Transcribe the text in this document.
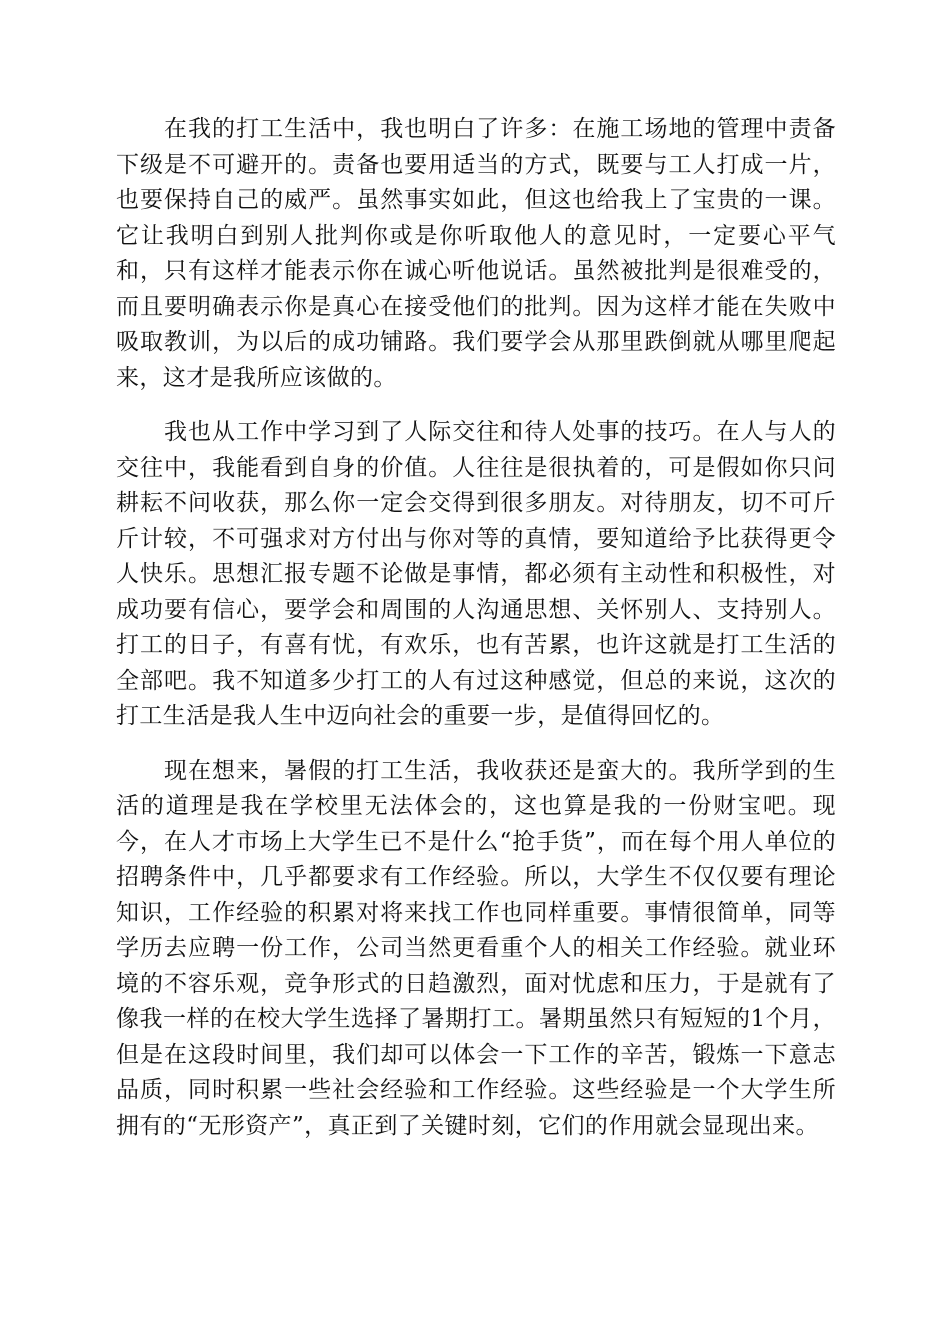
在我的打工生活中，我也明白了许多：在施工场地的管理中责备下级是不可避开的。责备也要用适当的方式，既要与工人打成一片，也要保持自己的威严。虽然事实如此，但这也给我上了宝贵的一课。它让我明白到别人批判你或是你听取他人的意见时，一定要心平气和，只有这样才能表示你在诚心听他说话。虽然被批判是很难受的，而且要明确表示你是真心在接受他们的批判。因为这样才能在失败中吸取教训，为以后的成功铺路。我们要学会从那里跌倒就从哪里爬起来，这才是我所应该做的。

我也从工作中学习到了人际交往和待人处事的技巧。在人与人的交往中，我能看到自身的价值。人往往是很执着的，可是假如你只问耕耘不问收获，那么你一定会交得到很多朋友。对待朋友，切不可斤斤计较，不可强求对方付出与你对等的真情，要知道给予比获得更令人快乐。思想汇报专题不论做是事情，都必须有主动性和积极性，对成功要有信心，要学会和周围的人沟通思想、关怀别人、支持别人。打工的日子，有喜有忧，有欢乐，也有苦累，也许这就是打工生活的全部吧。我不知道多少打工的人有过这种感觉，但总的来说，这次的打工生活是我人生中迈向社会的重要一步，是值得回忆的。

现在想来，暑假的打工生活，我收获还是蛮大的。我所学到的生活的道理是我在学校里无法体会的，这也算是我的一份财宝吧。现今，在人才市场上大学生已不是什么“抢手货”，而在每个用人单位的招聘条件中，几乎都要求有工作经验。所以，大学生不仅仅要有理论知识，工作经验的积累对将来找工作也同样重要。事情很简单，同等学历去应聘一份工作，公司当然更看重个人的相关工作经验。就业环境的不容乐观，竞争形式的日趋激烈，面对忧虑和压力，于是就有了像我一样的在校大学生选择了暑期打工。暑期虽然只有短短的1个月，但是在这段时间里，我们却可以体会一下工作的辛苦，锻炼一下意志品质，同时积累一些社会经验和工作经验。这些经验是一个大学生所拥有的“无形资产”，真正到了关键时刻，它们的作用就会显现出来。
